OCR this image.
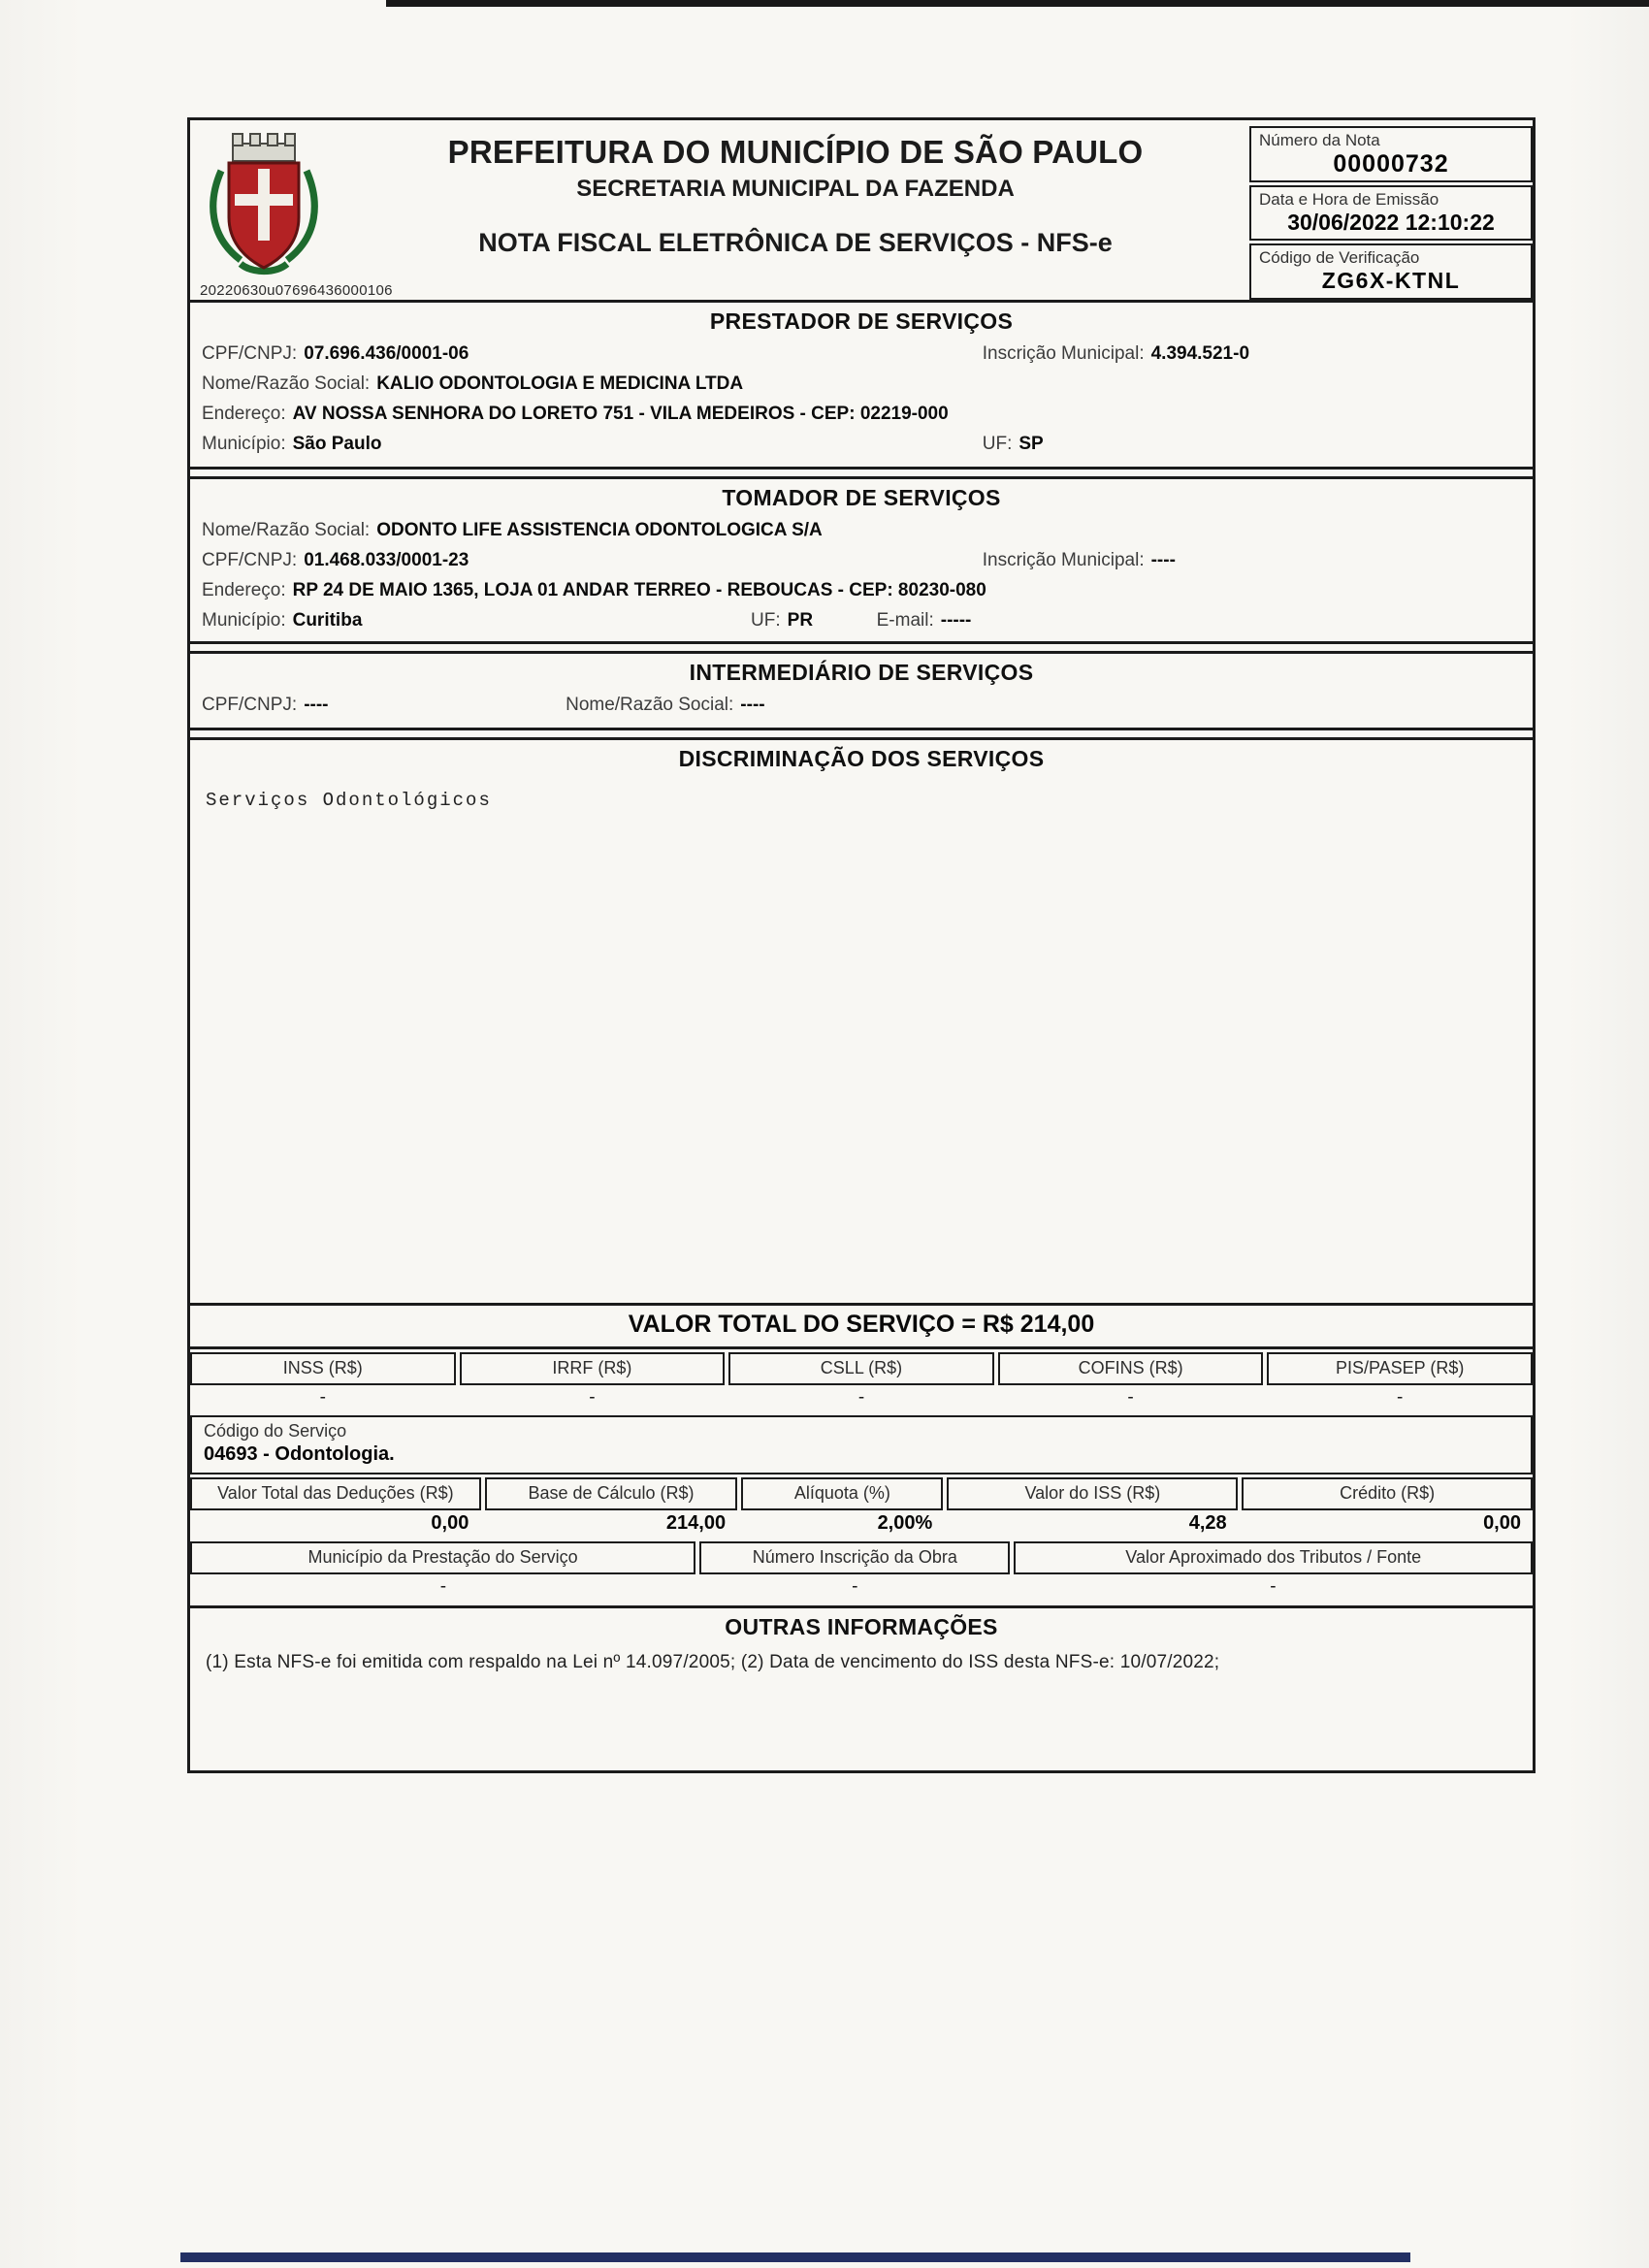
PREFEITURA DO MUNICÍPIO DE SÃO PAULO
SECRETARIA MUNICIPAL DA FAZENDA
NOTA FISCAL ELETRÔNICA DE SERVIÇOS - NFS-e
Número da Nota
00000732
Data e Hora de Emissão
30/06/2022 12:10:22
Código de Verificação
ZG6X-KTNL
20220630u07696436000106
PRESTADOR DE SERVIÇOS
CPF/CNPJ: 07.696.436/0001-06	Inscrição Municipal: 4.394.521-0
Nome/Razão Social: KALIO ODONTOLOGIA E MEDICINA LTDA
Endereço: AV NOSSA SENHORA DO LORETO 751 - VILA MEDEIROS - CEP: 02219-000
Município: São Paulo	UF: SP
TOMADOR DE SERVIÇOS
Nome/Razão Social: ODONTO LIFE ASSISTENCIA ODONTOLOGICA S/A
CPF/CNPJ: 01.468.033/0001-23	Inscrição Municipal: ----
Endereço: RP 24 DE MAIO 1365, LOJA 01 ANDAR TERREO - REBOUCAS - CEP: 80230-080
Município: Curitiba	UF: PR	E-mail: -----
INTERMEDIÁRIO DE SERVIÇOS
CPF/CNPJ: ----	Nome/Razão Social: ----
DISCRIMINAÇÃO DOS SERVIÇOS
Serviços Odontológicos
VALOR TOTAL DO SERVIÇO = R$ 214,00
INSS (R$)	IRRF (R$)	CSLL (R$)	COFINS (R$)	PIS/PASEP (R$)
-	-	-	-	-
Código do Serviço
04693 - Odontologia.
Valor Total das Deduções (R$)	Base de Cálculo (R$)	Alíquota (%)	Valor do ISS (R$)	Crédito (R$)
0,00	214,00	2,00%	4,28	0,00
Município da Prestação do Serviço	Número Inscrição da Obra	Valor Aproximado dos Tributos / Fonte
-	-	-
OUTRAS INFORMAÇÕES
(1) Esta NFS-e foi emitida com respaldo na Lei nº 14.097/2005; (2) Data de vencimento do ISS desta NFS-e: 10/07/2022;
